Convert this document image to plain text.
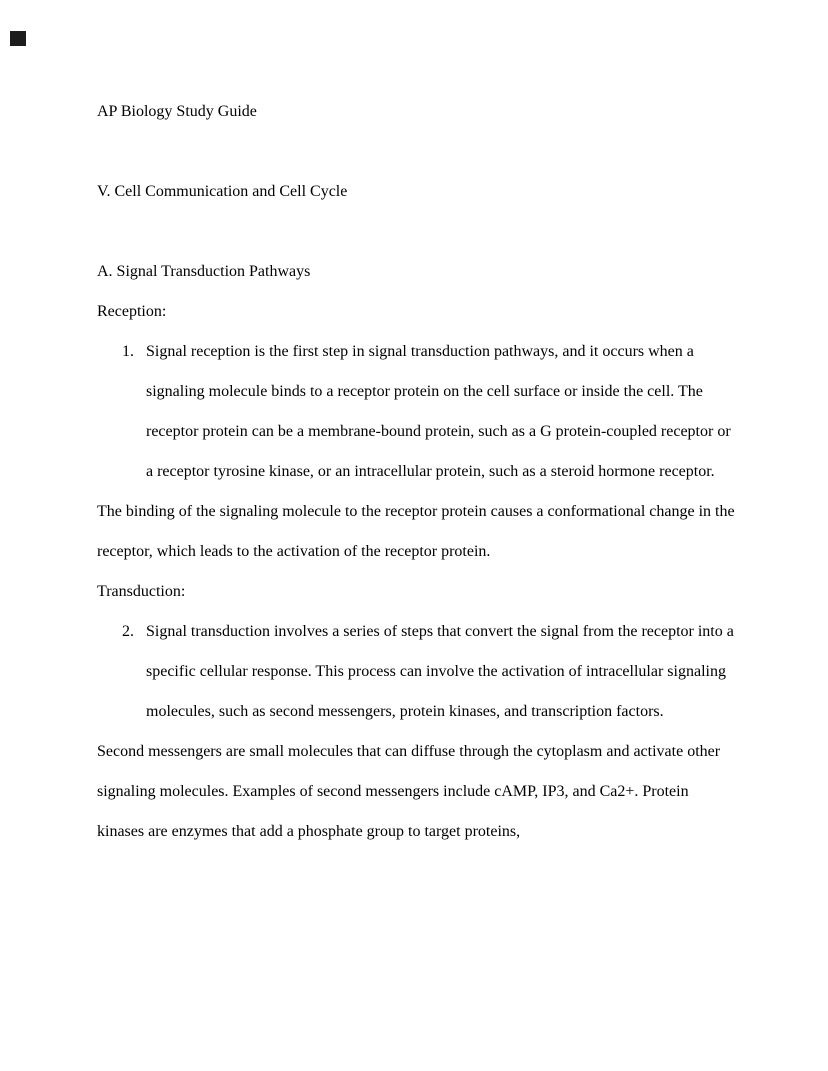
AP Biology Study Guide

V. Cell Communication and Cell Cycle

A. Signal Transduction Pathways

Reception:

1. Signal reception is the first step in signal transduction pathways, and it occurs when a signaling molecule binds to a receptor protein on the cell surface or inside the cell. The receptor protein can be a membrane-bound protein, such as a G protein-coupled receptor or a receptor tyrosine kinase, or an intracellular protein, such as a steroid hormone receptor.

The binding of the signaling molecule to the receptor protein causes a conformational change in the receptor, which leads to the activation of the receptor protein.

Transduction:

2. Signal transduction involves a series of steps that convert the signal from the receptor into a specific cellular response. This process can involve the activation of intracellular signaling molecules, such as second messengers, protein kinases, and transcription factors.

Second messengers are small molecules that can diffuse through the cytoplasm and activate other signaling molecules. Examples of second messengers include cAMP, IP3, and Ca2+. Protein kinases are enzymes that add a phosphate group to target proteins,
